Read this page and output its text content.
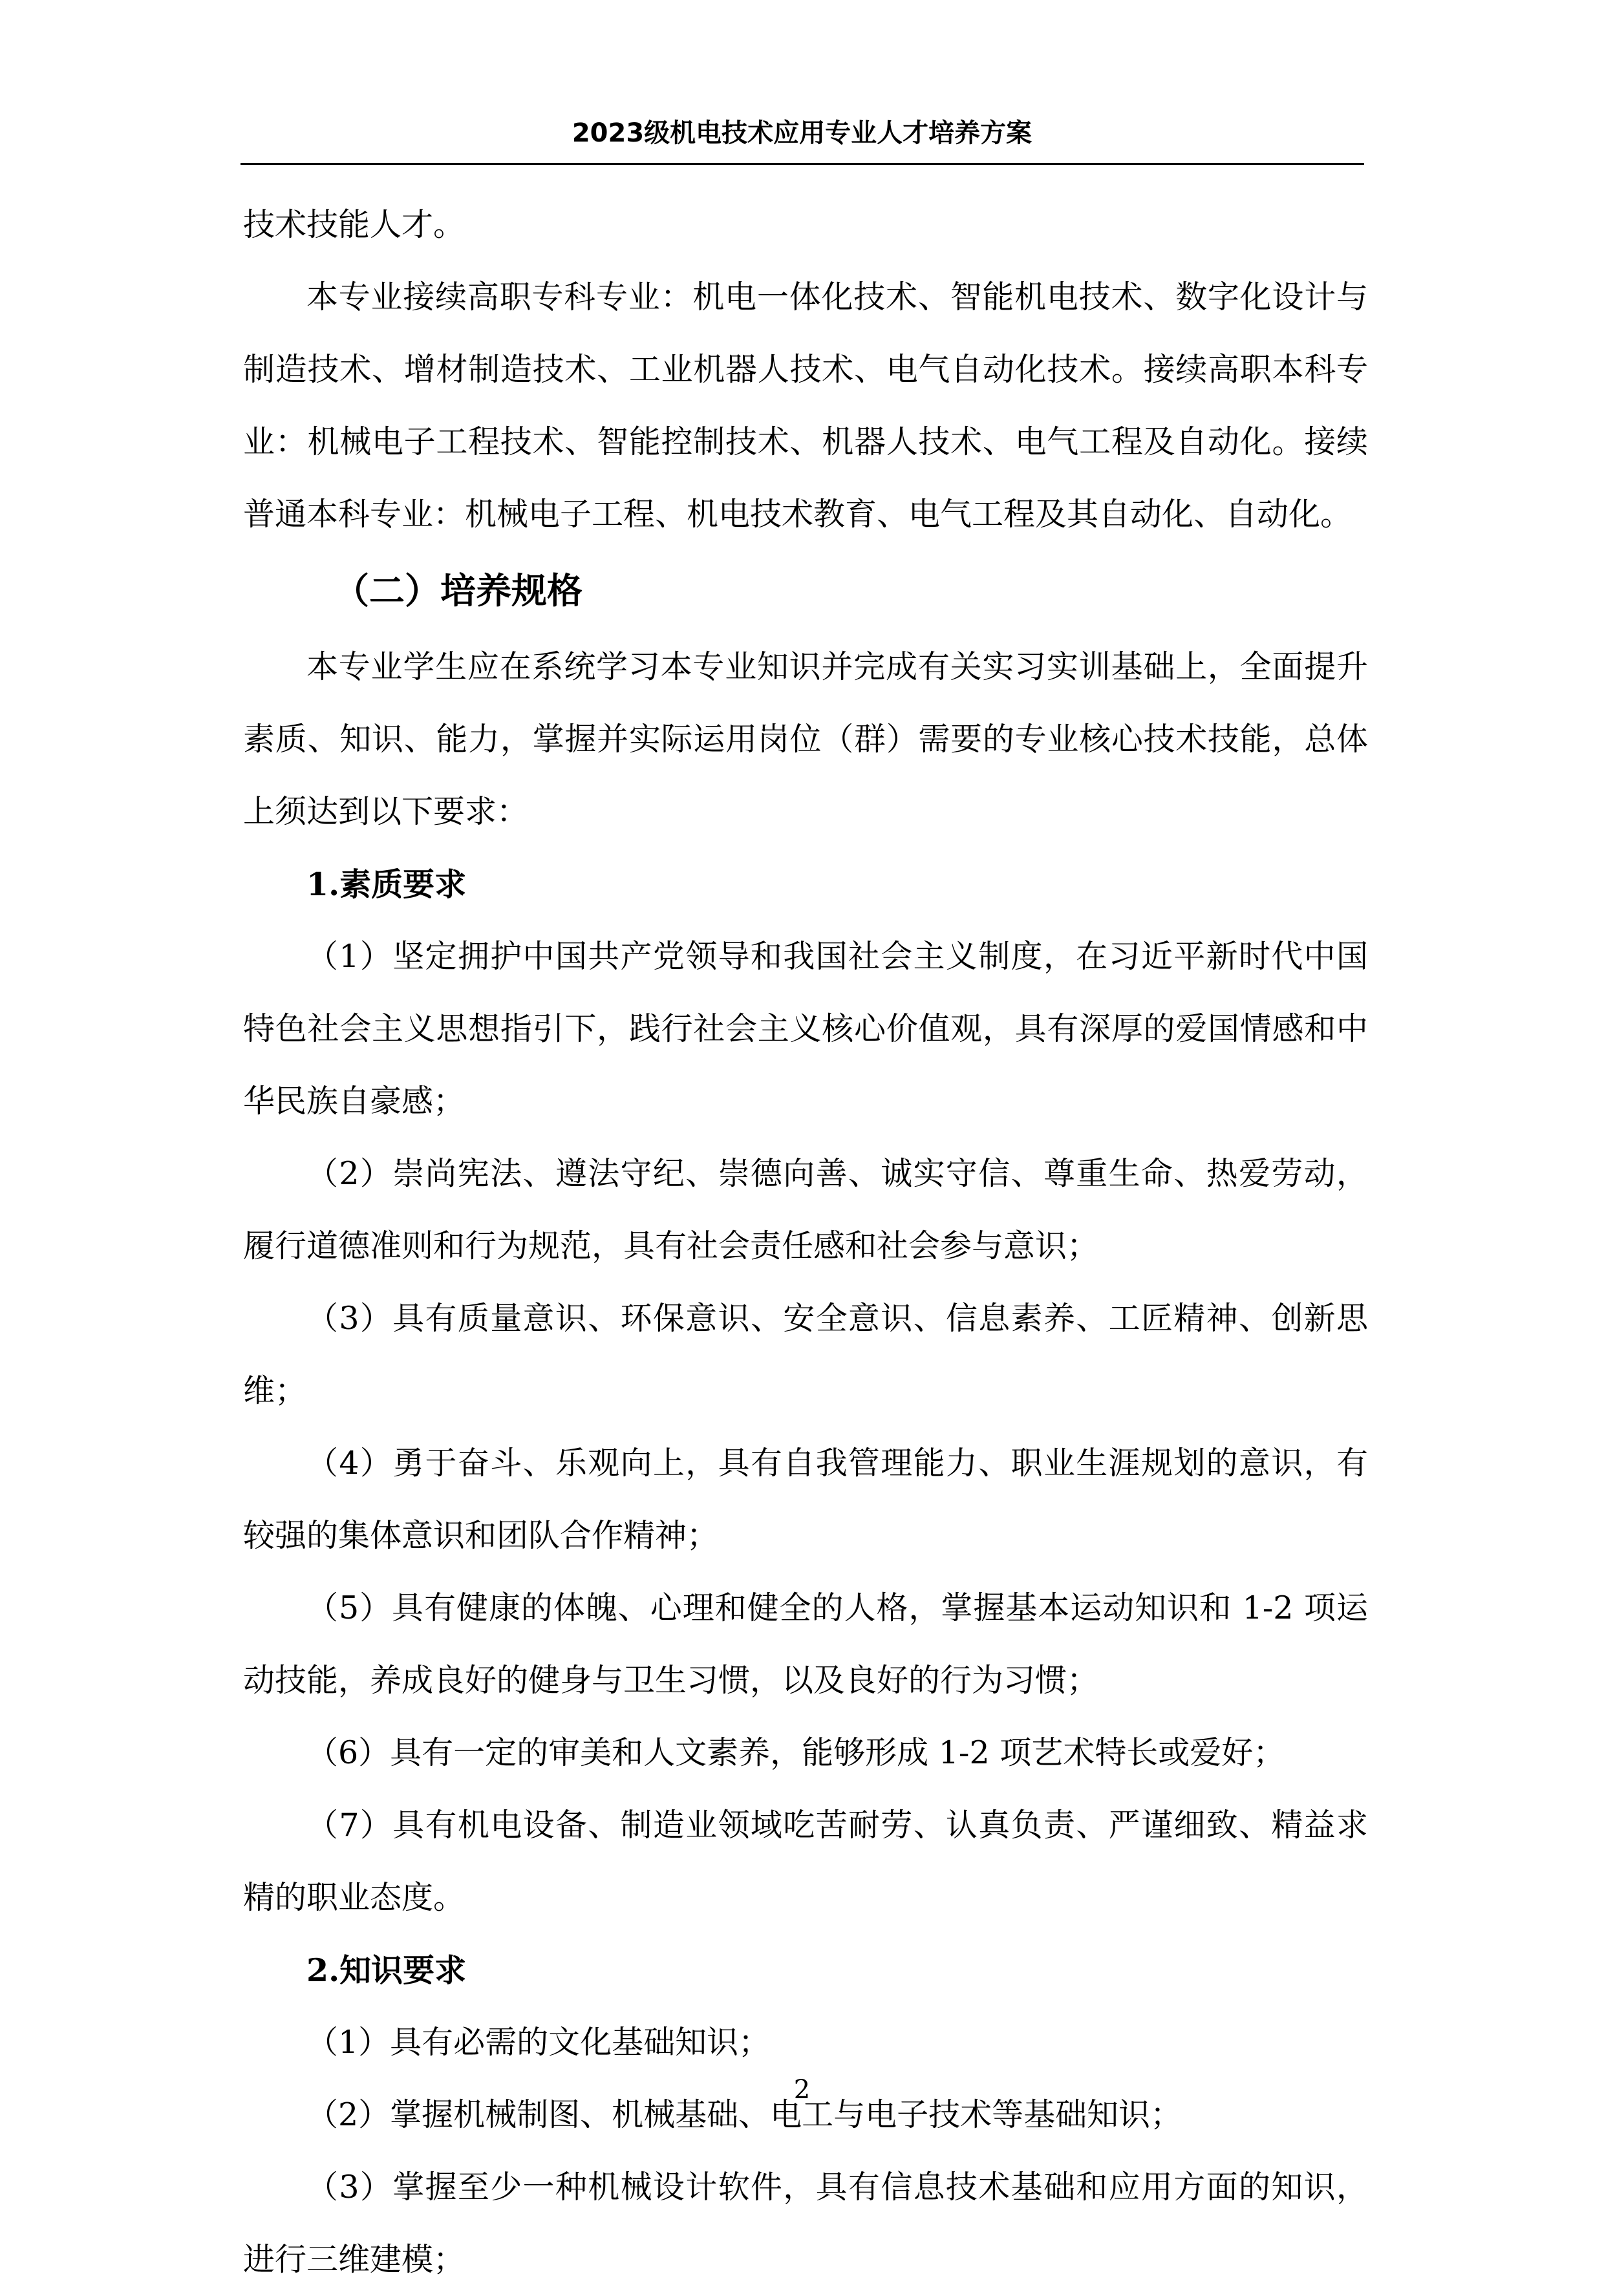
2023级机电技术应用专业人才培养方案

技术技能人才。

本专业接续高职专科专业：机电一体化技术、智能机电技术、数字化设计与制造技术、增材制造技术、工业机器人技术、电气自动化技术。接续高职本科专业：机械电子工程技术、智能控制技术、机器人技术、电气工程及自动化。接续普通本科专业：机械电子工程、机电技术教育、电气工程及其自动化、自动化。

（二）培养规格

本专业学生应在系统学习本专业知识并完成有关实习实训基础上，全面提升素质、知识、能力，掌握并实际运用岗位（群）需要的专业核心技术技能，总体上须达到以下要求：

1.素质要求

（1）坚定拥护中国共产党领导和我国社会主义制度，在习近平新时代中国特色社会主义思想指引下，践行社会主义核心价值观，具有深厚的爱国情感和中华民族自豪感；

（2）崇尚宪法、遵法守纪、崇德向善、诚实守信、尊重生命、热爱劳动，履行道德准则和行为规范，具有社会责任感和社会参与意识；

（3）具有质量意识、环保意识、安全意识、信息素养、工匠精神、创新思维；

（4）勇于奋斗、乐观向上，具有自我管理能力、职业生涯规划的意识，有较强的集体意识和团队合作精神；

（5）具有健康的体魄、心理和健全的人格，掌握基本运动知识和 1-2 项运动技能，养成良好的健身与卫生习惯，以及良好的行为习惯；

（6）具有一定的审美和人文素养，能够形成 1-2 项艺术特长或爱好；

（7）具有机电设备、制造业领域吃苦耐劳、认真负责、严谨细致、精益求精的职业态度。

2.知识要求

（1）具有必需的文化基础知识；

（2）掌握机械制图、机械基础、电工与电子技术等基础知识；

（3）掌握至少一种机械设计软件，具有信息技术基础和应用方面的知识，进行三维建模；

2
